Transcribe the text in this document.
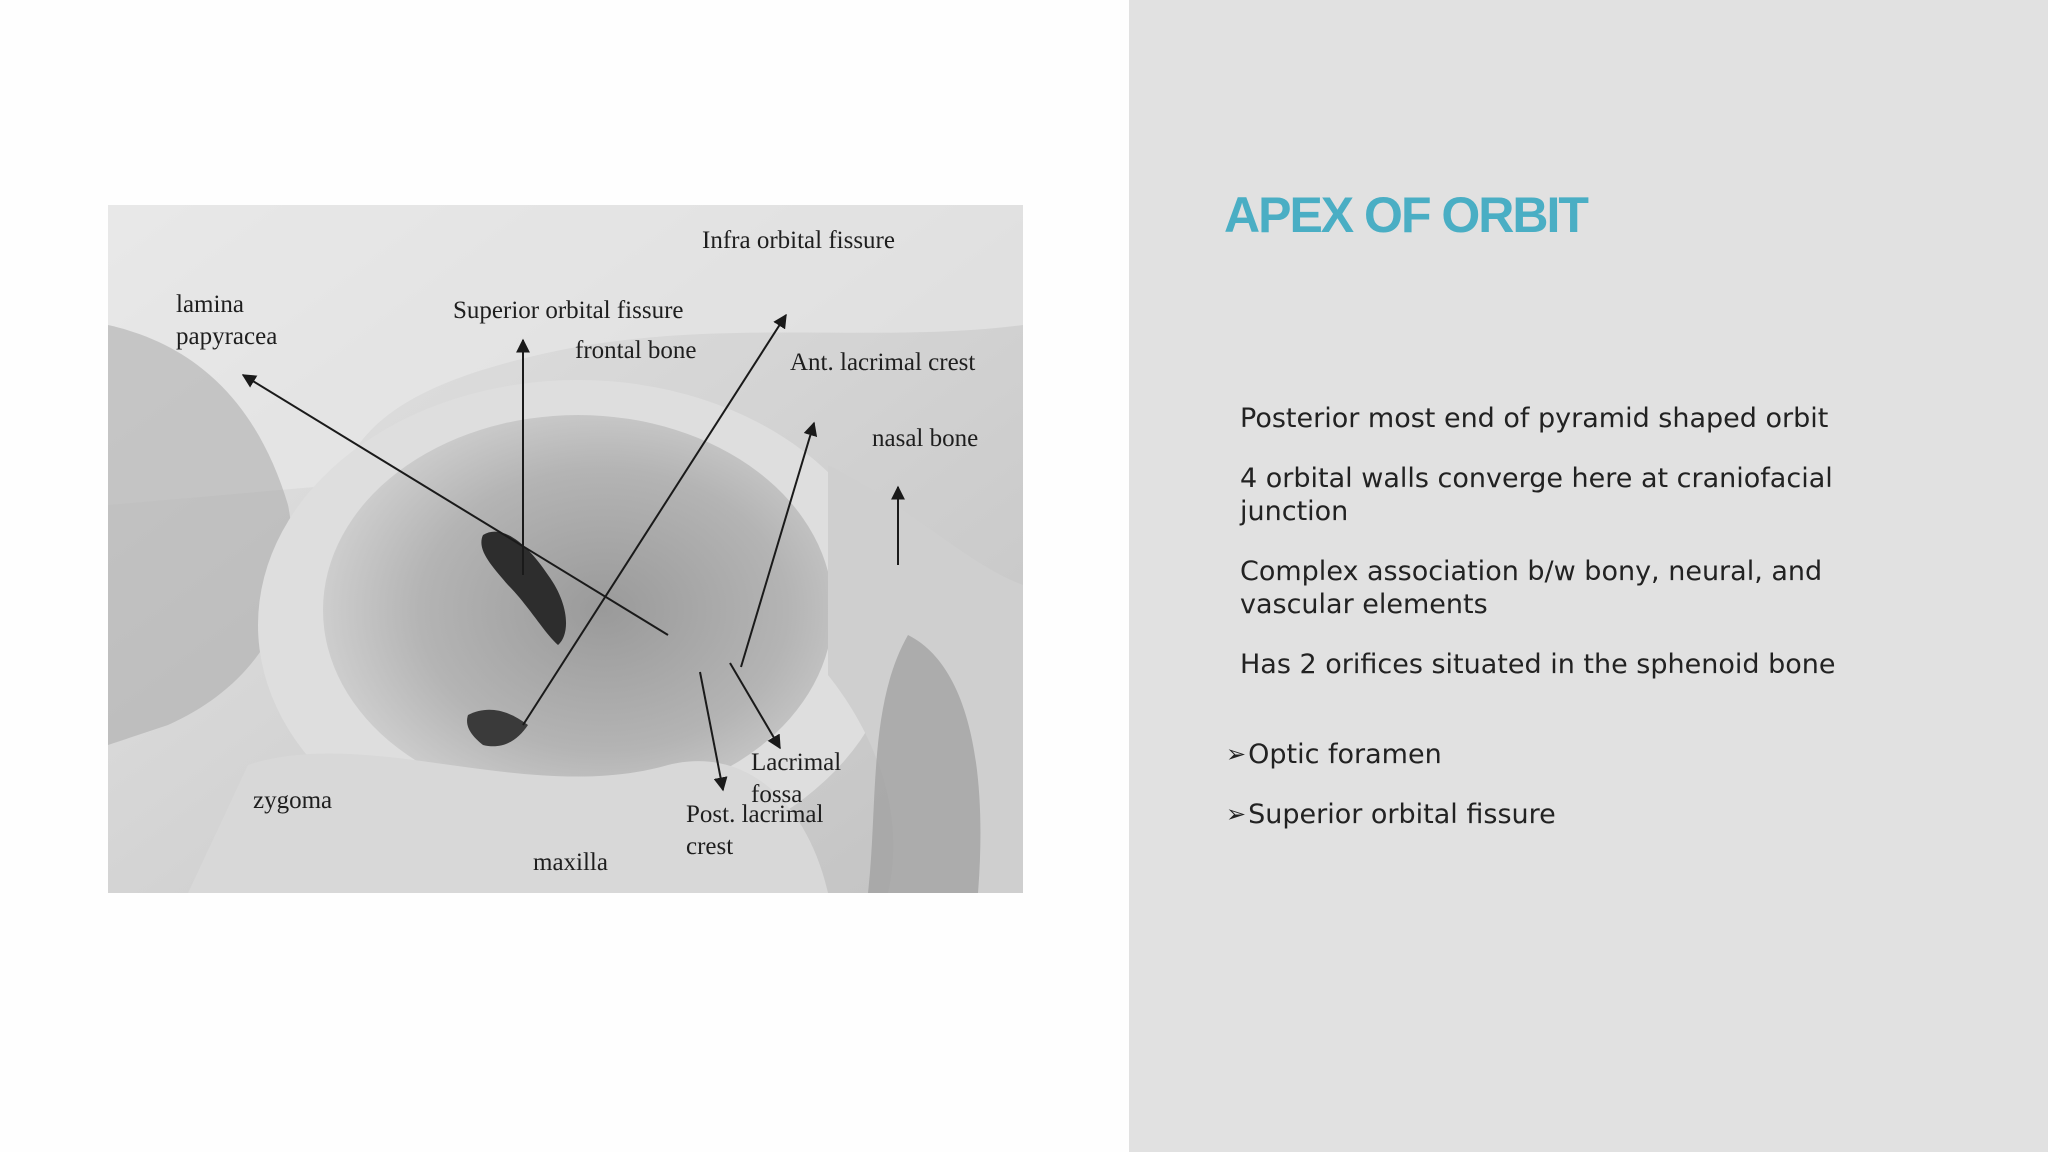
Infra orbital fissure
lamina
papyracea
Superior orbital fissure
frontal bone	Ant. lacrimal crest
nasal bone
Lacrimal
fossa
zygoma
Post. lacrimal
crest
maxilla
APEX OF ORBIT
Posterior most end of pyramid shaped orbit
4 orbital walls converge here at craniofacial junction
Complex association b/w bony, neural, and vascular elements
Has 2 orifices situated in the sphenoid bone
➢ Optic foramen
➢ Superior orbital fissure
